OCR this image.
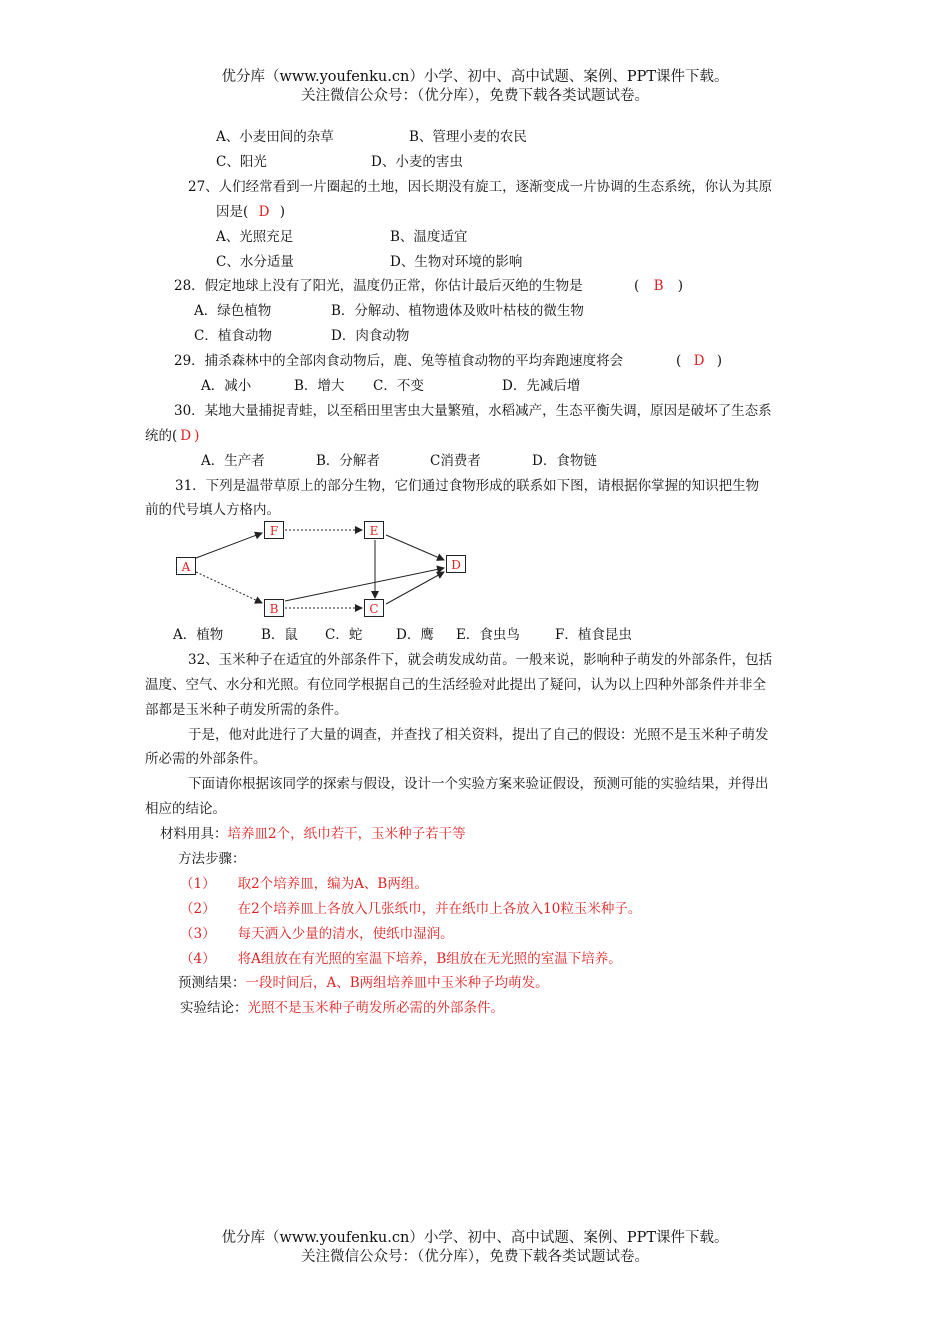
优分库（www.youfenku.cn）小学、初中、高中试题、案例、PPT课件下载。
关注微信公众号：（优分库），免费下载各类试题试卷。
A、小麦田间的杂草	B、管理小麦的农民
C、阳光	D、小麦的害虫
27、人们经常看到一片圈起的土地，因长期没有旋工，逐渐变成一片协调的生态系统，你认为其原
因是( D )
A、光照充足	B、温度适宜
C、水分适量	D、生物对环境的影响
28．假定地球上没有了阳光，温度仍正常，你估计最后灭绝的生物是	( B )
A．绿色植物	B．分解动、植物遗体及败叶枯枝的微生物
C．植食动物	D．肉食动物
29．捕杀森林中的全部肉食动物后，鹿、兔等植食动物的平均奔跑速度将会	( D )
A．减小	B．增大 C．不变	D．先减后增
30．某地大量捕捉青蛙，以至稻田里害虫大量繁殖，水稻减产，生态平衡失调，原因是破坏了生态系
统的( D )
A．生产者	B．分解者	C消费者	D．食物链
31．下列是温带草原上的部分生物，它们通过食物形成的联系如下图，请根据你掌握的知识把生物
前的代号填人方格内。
A
F	E
D
B	C
A．植物	B．鼠 C．蛇 D．鹰 E．食虫鸟	F．植食昆虫
32、玉米种子在适宜的外部条件下，就会萌发成幼苗。一般来说，影响种子萌发的外部条件，包括
温度、空气、水分和光照。有位同学根据自己的生活经验对此提出了疑问，认为以上四种外部条件并非全
部都是玉米种子萌发所需的条件。
于是，他对此进行了大量的调查，并查找了相关资料，提出了自己的假设：光照不是玉米种子萌发
所必需的外部条件。
下面请你根据该同学的探索与假设，设计一个实验方案来验证假设，预测可能的实验结果，并得出
相应的结论。
材料用具：培养皿2个，纸巾若干，玉米种子若干等
方法步骤：
（1） 取2个培养皿，编为A、B两组。
（2） 在2个培养皿上各放入几张纸巾，并在纸巾上各放入10粒玉米种子。
（3） 每天洒入少量的清水，使纸巾湿润。
（4） 将A组放在有光照的室温下培养，B组放在无光照的室温下培养。
预测结果：一段时间后，A、B两组培养皿中玉米种子均萌发。
实验结论：光照不是玉米种子萌发所必需的外部条件。
优分库（www.youfenku.cn）小学、初中、高中试题、案例、PPT课件下载。
关注微信公众号：（优分库），免费下载各类试题试卷。
